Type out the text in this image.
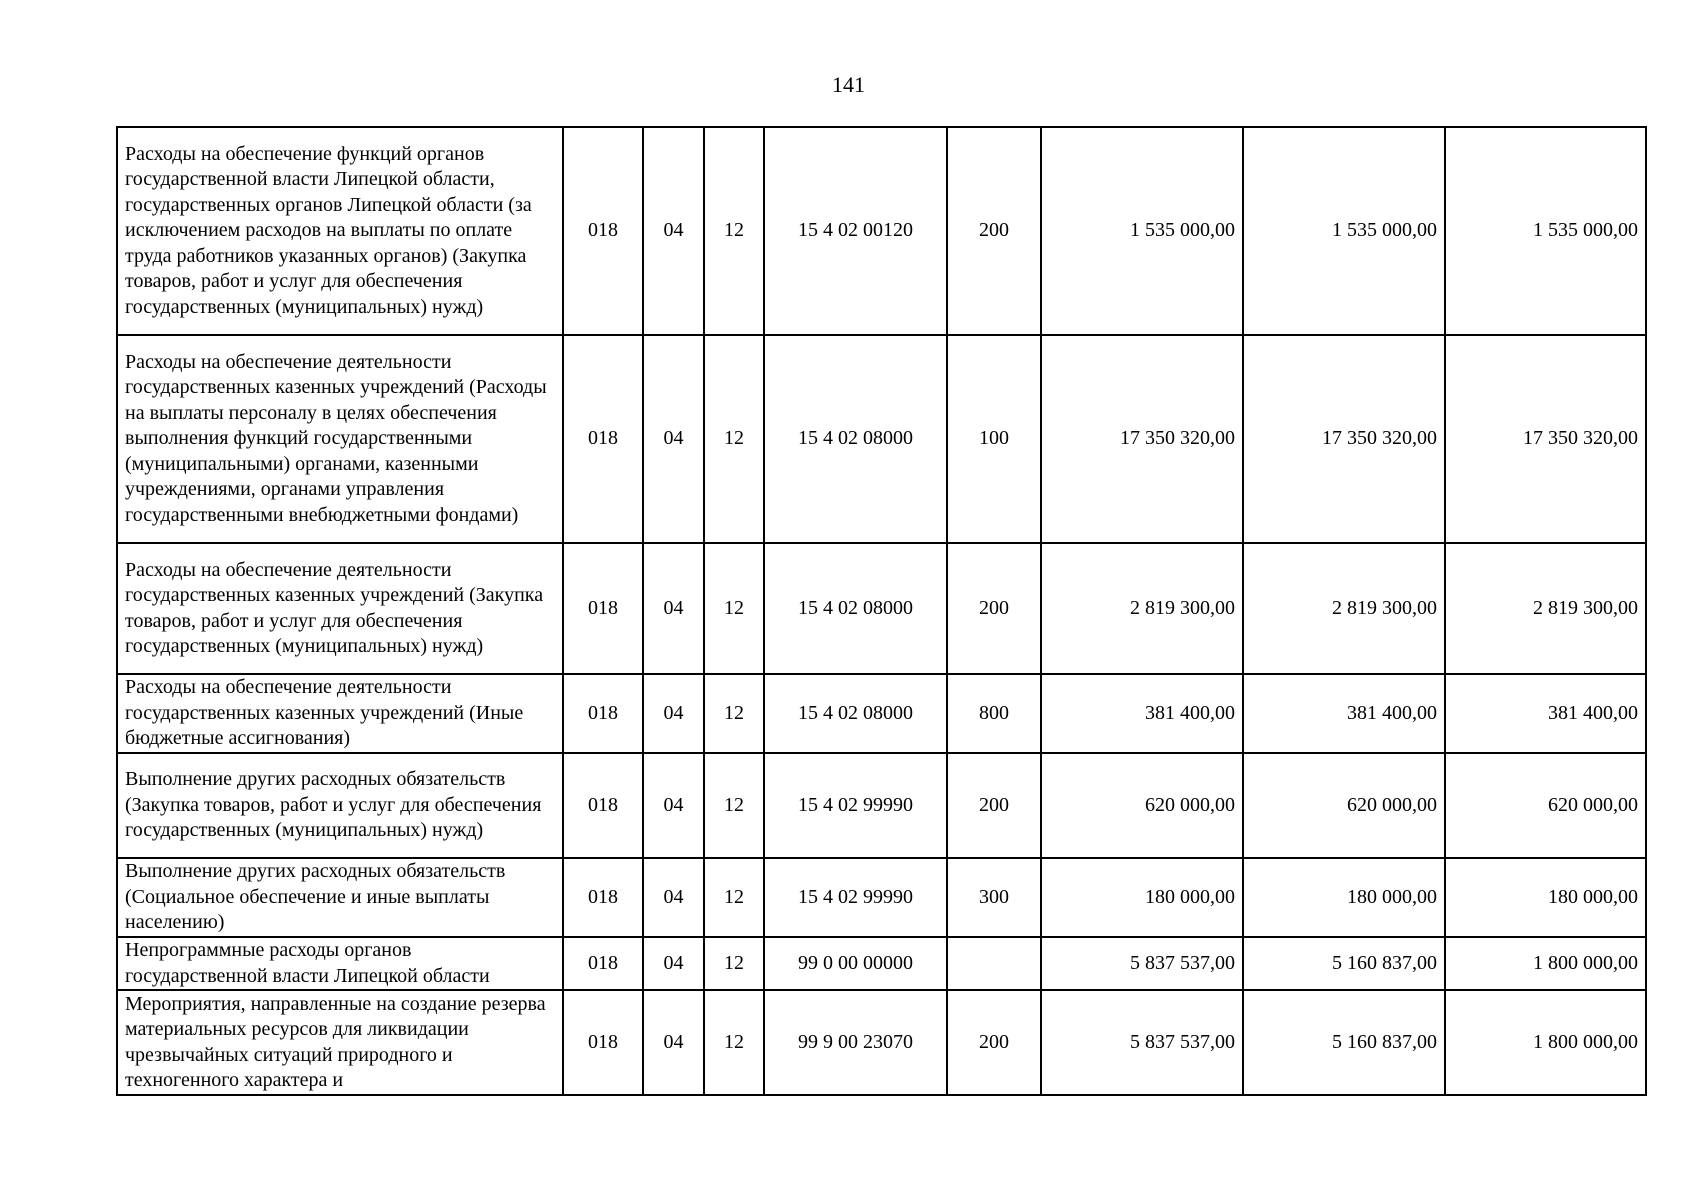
141
Расходы на обеспечение функций органов государственной власти Липецкой области, государственных органов Липецкой области (за исключением расходов на выплаты по оплате труда работников указанных органов) (Закупка товаров, работ и услуг для обеспечения государственных (муниципальных) нужд)	018	04	12	15 4 02 00120	200	1 535 000,00	1 535 000,00	1 535 000,00
Расходы на обеспечение деятельности государственных казенных учреждений (Расходы на выплаты персоналу в целях обеспечения выполнения функций государственными (муниципальными) органами, казенными учреждениями, органами управления государственными внебюджетными фондами)	018	04	12	15 4 02 08000	100	17 350 320,00	17 350 320,00	17 350 320,00
Расходы на обеспечение деятельности государственных казенных учреждений (Закупка товаров, работ и услуг для обеспечения государственных (муниципальных) нужд)	018	04	12	15 4 02 08000	200	2 819 300,00	2 819 300,00	2 819 300,00
Расходы на обеспечение деятельности государственных казенных учреждений (Иные бюджетные ассигнования)	018	04	12	15 4 02 08000	800	381 400,00	381 400,00	381 400,00
Выполнение других расходных обязательств (Закупка товаров, работ и услуг для обеспечения государственных (муниципальных) нужд)	018	04	12	15 4 02 99990	200	620 000,00	620 000,00	620 000,00
Выполнение других расходных обязательств (Социальное обеспечение и иные выплаты населению)	018	04	12	15 4 02 99990	300	180 000,00	180 000,00	180 000,00
Непрограммные расходы органов государственной власти Липецкой области	018	04	12	99 0 00 00000		5 837 537,00	5 160 837,00	1 800 000,00
Мероприятия, направленные на создание резерва материальных ресурсов для ликвидации чрезвычайных ситуаций природного и техногенного характера и	018	04	12	99 9 00 23070	200	5 837 537,00	5 160 837,00	1 800 000,00
